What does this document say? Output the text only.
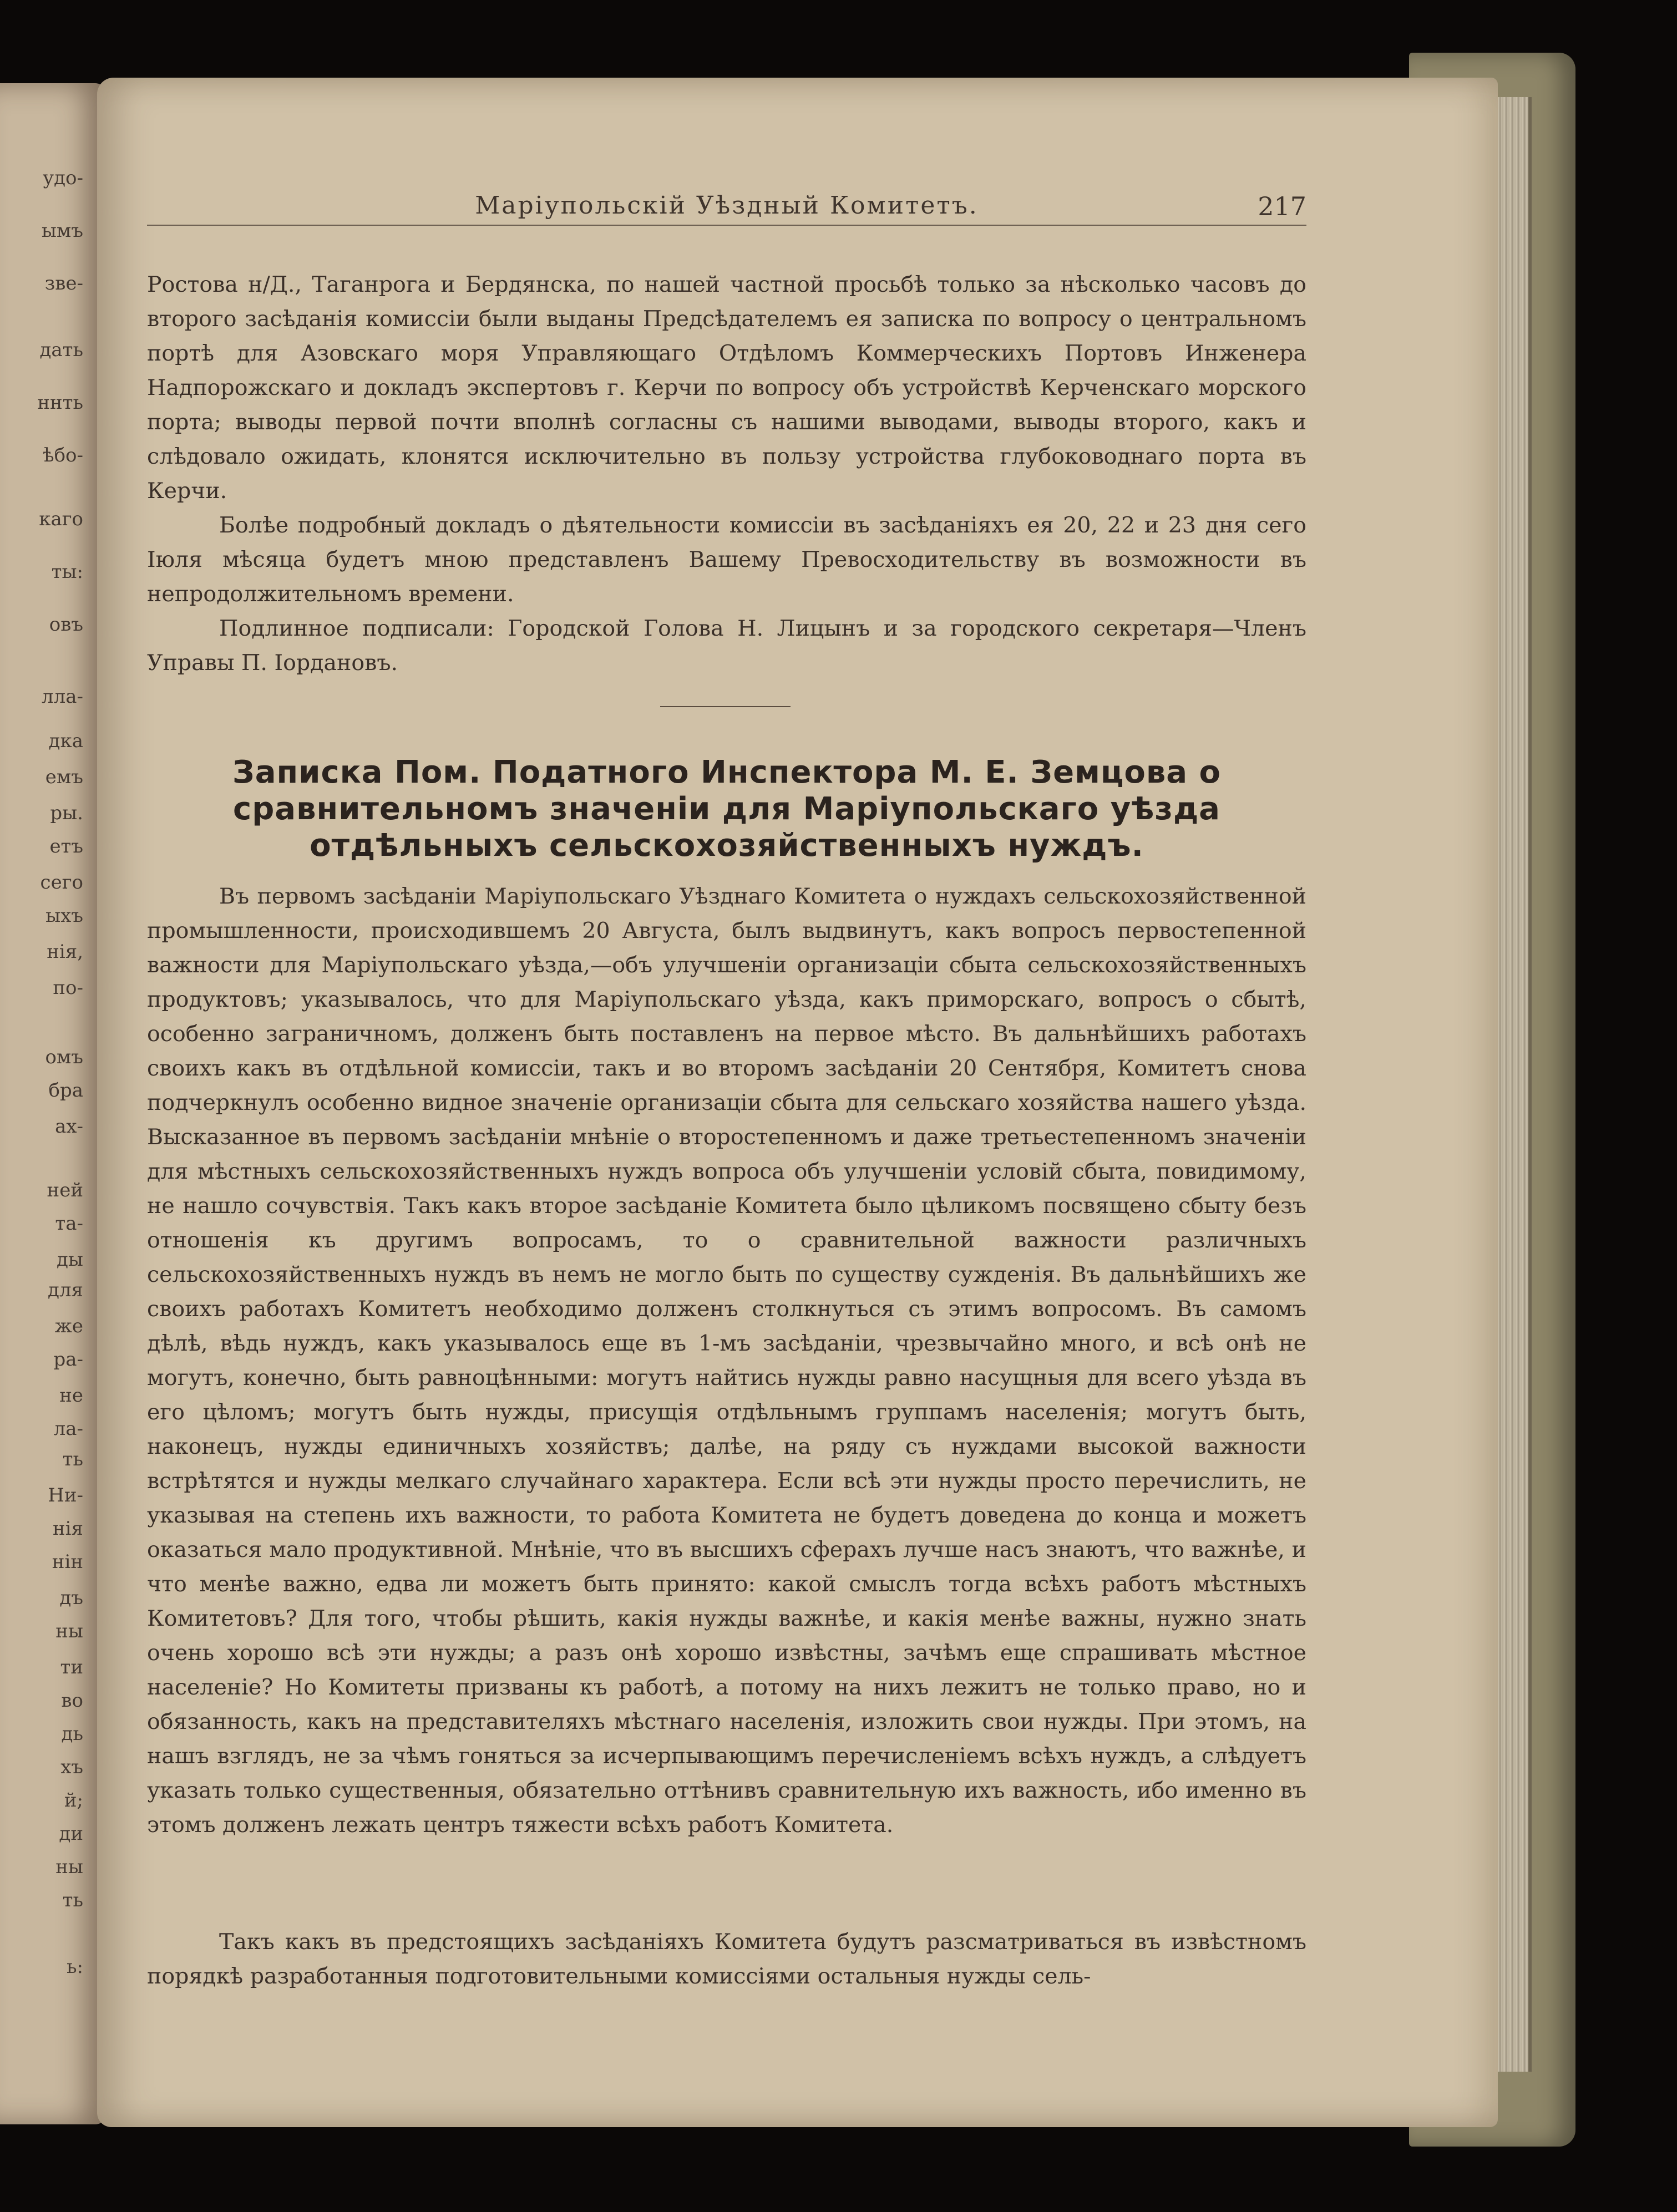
удо-
ымъ
зве-
дать
ннть
ѣбо-
каго
ты:
овъ
лла-
дка
емъ
ры.
етъ
сего
ыхъ
нія,
по-
омъ
бра
ах-
ней
та-
ды
для
же
ра-
не
ла-
ть
Ни-
нія
нін
дъ
ны
ти
во
дь
хъ
й;
ди
ны
ть
ь:
Маріупольскій Уѣздный Комитетъ.	217

Ростова н/Д., Таганрога и Бердянска, по нашей частной просьбѣ только за нѣсколько часовъ до второго засѣданія комиссіи были выданы Предсѣдателемъ ея записка по вопросу о центральномъ портѣ для Азовскаго моря Управляющаго Отдѣломъ Коммерческихъ Портовъ Инженера Надпорожскаго и докладъ экспертовъ г. Керчи по вопросу объ устройствѣ Керченскаго морского порта; выводы первой почти вполнѣ согласны съ нашими выводами, выводы второго, какъ и слѣдовало ожидать, клонятся исключительно въ пользу устройства глубоководнаго порта въ Керчи.

Болѣе подробный докладъ о дѣятельности комиссіи въ засѣданіяхъ ея 20, 22 и 23 дня сего Іюля мѣсяца будетъ мною представленъ Вашему Превосходительству въ возможности въ непродолжительномъ времени.

Подлинное подписали: Городской Голова Н. Лицынъ и за городского секретаря—Членъ Управы П. Іордановъ.

Записка Пом. Податного Инспектора М. Е. Земцова о сравнительномъ значеніи для Маріупольскаго уѣзда отдѣльныхъ сельскохозяйственныхъ нуждъ.

Въ первомъ засѣданіи Маріупольскаго Уѣзднаго Комитета о нуждахъ сельскохозяйственной промышленности, происходившемъ 20 Августа, былъ выдвинутъ, какъ вопросъ первостепенной важности для Маріупольскаго уѣзда,—объ улучшеніи организаціи сбыта сельскохозяйственныхъ продуктовъ; указывалось, что для Маріупольскаго уѣзда, какъ приморскаго, вопросъ о сбытѣ, особенно заграничномъ, долженъ быть поставленъ на первое мѣсто. Въ дальнѣйшихъ работахъ своихъ какъ въ отдѣльной комиссіи, такъ и во второмъ засѣданіи 20 Сентября, Комитетъ снова подчеркнулъ особенно видное значеніе организаціи сбыта для сельскаго хозяйства нашего уѣзда. Высказанное въ первомъ засѣданіи мнѣніе о второстепенномъ и даже третьестепенномъ значеніи для мѣстныхъ сельскохозяйственныхъ нуждъ вопроса объ улучшеніи условій сбыта, повидимому, не нашло сочувствія. Такъ какъ второе засѣданіе Комитета было цѣликомъ посвящено сбыту безъ отношенія къ другимъ вопросамъ, то о сравнительной важности различныхъ сельскохозяйственныхъ нуждъ въ немъ не могло быть по существу сужденія. Въ дальнѣйшихъ же своихъ работахъ Комитетъ необходимо долженъ столкнуться съ этимъ вопросомъ. Въ самомъ дѣлѣ, вѣдь нуждъ, какъ указывалось еще въ 1-мъ засѣданіи, чрезвычайно много, и всѣ онѣ не могутъ, конечно, быть равноцѣнными: могутъ найтись нужды равно насущныя для всего уѣзда въ его цѣломъ; могутъ быть нужды, присущія отдѣльнымъ группамъ населенія; могутъ быть, наконецъ, нужды единичныхъ хозяйствъ; далѣе, на ряду съ нуждами высокой важности встрѣтятся и нужды мелкаго случайнаго характера. Если всѣ эти нужды просто перечислить, не указывая на степень ихъ важности, то работа Комитета не будетъ доведена до конца и можетъ оказаться мало продуктивной. Мнѣніе, что въ высшихъ сферахъ лучше насъ знаютъ, что важнѣе, и что менѣе важно, едва ли можетъ быть принято: какой смыслъ тогда всѣхъ работъ мѣстныхъ Комитетовъ? Для того, чтобы рѣшить, какія нужды важнѣе, и какія менѣе важны, нужно знать очень хорошо всѣ эти нужды; а разъ онѣ хорошо извѣстны, зачѣмъ еще спрашивать мѣстное населеніе? Но Комитеты призваны къ работѣ, а потому на нихъ лежитъ не только право, но и обязанность, какъ на представителяхъ мѣстнаго населенія, изложить свои нужды. При этомъ, на нашъ взглядъ, не за чѣмъ гоняться за исчерпывающимъ перечисленіемъ всѣхъ нуждъ, а слѣдуетъ указать только существенныя, обязательно оттѣнивъ сравнительную ихъ важность, ибо именно въ этомъ долженъ лежать центръ тяжести всѣхъ работъ Комитета.

Такъ какъ въ предстоящихъ засѣданіяхъ Комитета будутъ разсматриваться въ извѣстномъ порядкѣ разработанныя подготовительными комиссіями остальныя нужды сель-
